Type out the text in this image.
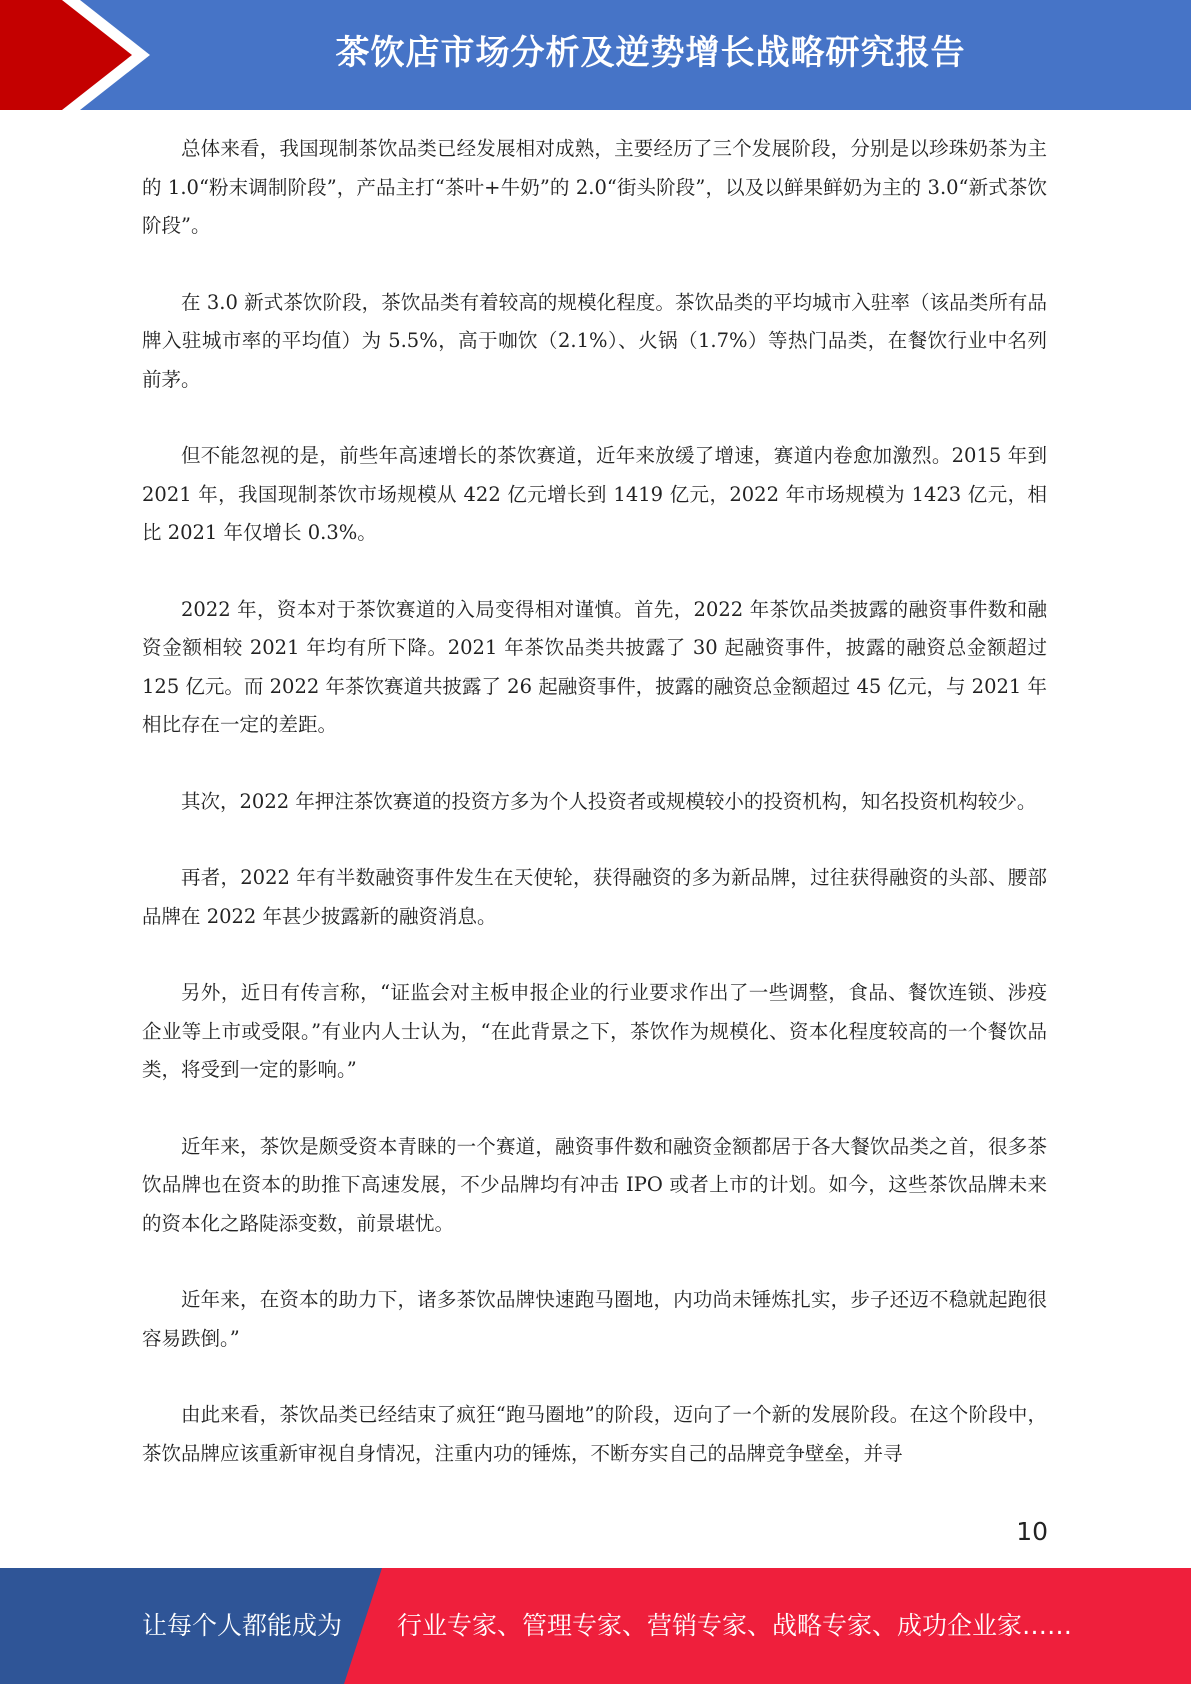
茶饮店市场分析及逆势增长战略研究报告

总体来看，我国现制茶饮品类已经发展相对成熟，主要经历了三个发展阶段，分别是以珍珠奶茶为主的 1.0“粉末调制阶段”，产品主打“茶叶+牛奶”的 2.0“街头阶段”，以及以鲜果鲜奶为主的 3.0“新式茶饮阶段”。

在 3.0 新式茶饮阶段，茶饮品类有着较高的规模化程度。茶饮品类的平均城市入驻率（该品类所有品牌入驻城市率的平均值）为 5.5%，高于咖饮（2.1%）、火锅（1.7%）等热门品类，在餐饮行业中名列前茅。

但不能忽视的是，前些年高速增长的茶饮赛道，近年来放缓了增速，赛道内卷愈加激烈。2015 年到 2021 年，我国现制茶饮市场规模从 422 亿元增长到 1419 亿元，2022 年市场规模为 1423 亿元，相比 2021 年仅增长 0.3%。

2022 年，资本对于茶饮赛道的入局变得相对谨慎。首先，2022 年茶饮品类披露的融资事件数和融资金额相较 2021 年均有所下降。2021 年茶饮品类共披露了 30 起融资事件，披露的融资总金额超过 125 亿元。而 2022 年茶饮赛道共披露了 26 起融资事件，披露的融资总金额超过 45 亿元，与 2021 年相比存在一定的差距。

其次，2022 年押注茶饮赛道的投资方多为个人投资者或规模较小的投资机构，知名投资机构较少。

再者，2022 年有半数融资事件发生在天使轮，获得融资的多为新品牌，过往获得融资的头部、腰部品牌在 2022 年甚少披露新的融资消息。

另外，近日有传言称，“证监会对主板申报企业的行业要求作出了一些调整，食品、餐饮连锁、涉疫企业等上市或受限。”有业内人士认为，“在此背景之下，茶饮作为规模化、资本化程度较高的一个餐饮品类，将受到一定的影响。”

近年来，茶饮是颇受资本青睐的一个赛道，融资事件数和融资金额都居于各大餐饮品类之首，很多茶饮品牌也在资本的助推下高速发展，不少品牌均有冲击 IPO 或者上市的计划。如今，这些茶饮品牌未来的资本化之路陡添变数，前景堪忧。

近年来，在资本的助力下，诸多茶饮品牌快速跑马圈地，内功尚未锤炼扎实，步子还迈不稳就起跑很容易跌倒。”

由此来看，茶饮品类已经结束了疯狂“跑马圈地”的阶段，迈向了一个新的发展阶段。在这个阶段中，茶饮品牌应该重新审视自身情况，注重内功的锤炼，不断夯实自己的品牌竞争壁垒，并寻

10
让每个人都能成为 行业专家、管理专家、营销专家、战略专家、成功企业家……
